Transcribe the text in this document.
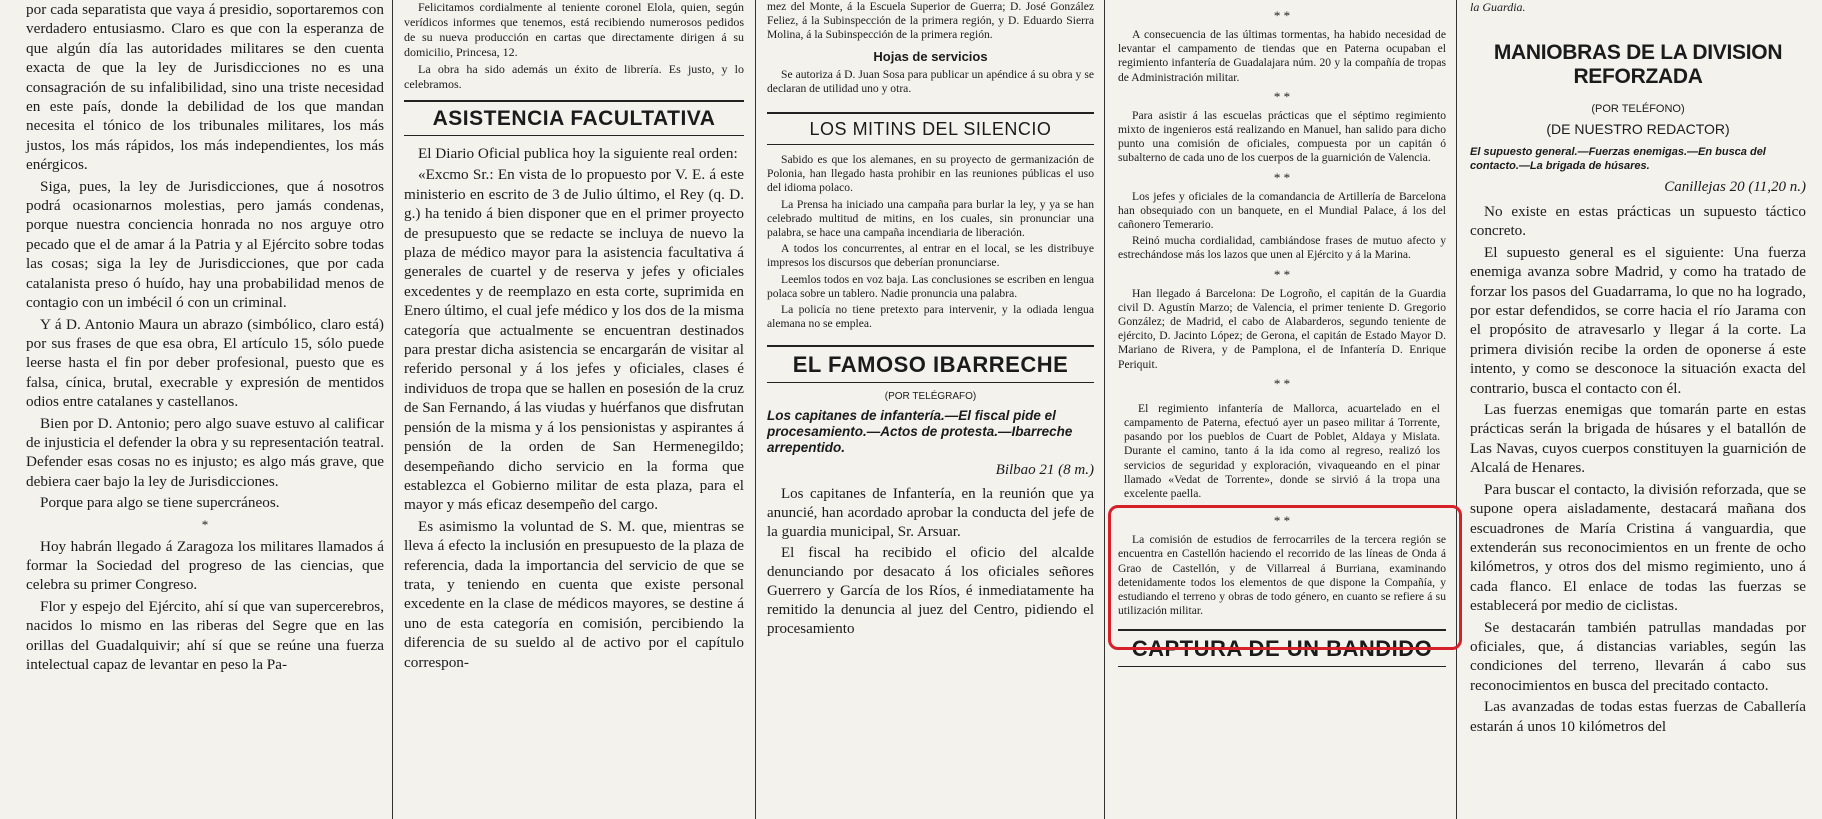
por cada separatista que vaya á presidio, soportaremos con verdadero entusiasmo. Claro es que con la esperanza de que algún día las autoridades militares se den cuenta exacta de que la ley de Jurisdicciones no es una consagración de su infalibilidad, sino una triste necesidad en este país, donde la debilidad de los que mandan necesita el tónico de los tribunales militares, los más justos, los más rápidos, los más independientes, los más enérgicos.

Siga, pues, la ley de Jurisdicciones, que á nosotros podrá ocasionarnos molestias, pero jamás condenas, porque nuestra conciencia honrada no nos arguye otro pecado que el de amar á la Patria y al Ejército sobre todas las cosas; siga la ley de Jurisdicciones, que por cada catalanista preso ó huído, hay una probabilidad menos de contagio con un imbécil ó con un criminal.

Y á D. Antonio Maura un abrazo (simbólico, claro está) por sus frases de que esa obra, El artículo 15, sólo puede leerse hasta el fin por deber profesional, puesto que es falsa, cínica, brutal, execrable y expresión de mentidos odios entre catalanes y castellanos.

Bien por D. Antonio; pero algo suave estuvo al calificar de injusticia el defender la obra y su representación teatral. Defender esas cosas no es injusto; es algo más grave, que debiera caer bajo la ley de Jurisdicciones.

Porque para algo se tiene supercráneos.

*

Hoy habrán llegado á Zaragoza los militares llamados á formar la Sociedad del progreso de las ciencias, que celebra su primer Congreso.

Flor y espejo del Ejército, ahí sí que van supercerebros, nacidos lo mismo en las riberas del Segre que en las orillas del Guadalquivir; ahí sí que se reúne una fuerza intelectual capaz de levantar en peso la Pa-

Felicitamos cordialmente al teniente coronel Elola, quien, según verídicos informes que tenemos, está recibiendo numerosos pedidos de su nueva producción en cartas que directamente dirigen á su domicilio, Princesa, 12.

La obra ha sido además un éxito de librería. Es justo, y lo celebramos.

ASISTENCIA FACULTATIVA

El Diario Oficial publica hoy la siguiente real orden:

«Excmo Sr.: En vista de lo propuesto por V. E. á este ministerio en escrito de 3 de Julio último, el Rey (q. D. g.) ha tenido á bien disponer que en el primer proyecto de presupuesto que se redacte se incluya de nuevo la plaza de médico mayor para la asistencia facultativa á generales de cuartel y de reserva y jefes y oficiales excedentes y de reemplazo en esta corte, suprimida en Enero último, el cual jefe médico y los dos de la misma categoría que actualmente se encuentran destinados para prestar dicha asistencia se encargarán de visitar al referido personal y á los jefes y oficiales, clases é individuos de tropa que se hallen en posesión de la cruz de San Fernando, á las viudas y huérfanos que disfrutan pensión de la misma y á los pensionistas y aspirantes á pensión de la orden de San Hermenegildo; desempeñando dicho servicio en la forma que establezca el Gobierno militar de esta plaza, para el mayor y más eficaz desempeño del cargo.

Es asimismo la voluntad de S. M. que, mientras se lleva á efecto la inclusión en presupuesto de la plaza de referencia, dada la importancia del servicio de que se trata, y teniendo en cuenta que existe personal excedente en la clase de médicos mayores, se destine á uno de esta categoría en comisión, percibiendo la diferencia de su sueldo al de activo por el capítulo correspon-

mez del Monte, á la Escuela Superior de Guerra; D. José González Feliez, á la Subinspección de la primera región, y D. Eduardo Sierra Molina, á la Subinspección de la primera región.

Hojas de servicios

Se autoriza á D. Juan Sosa para publicar un apéndice á su obra y se declaran de utilidad uno y otra.

LOS MITINS DEL SILENCIO

Sabido es que los alemanes, en su proyecto de germanización de Polonia, han llegado hasta prohibir en las reuniones públicas el uso del idioma polaco.

La Prensa ha iniciado una campaña para burlar la ley, y ya se han celebrado multitud de mitins, en los cuales, sin pronunciar una palabra, se hace una campaña incendiaria de liberación.

A todos los concurrentes, al entrar en el local, se les distribuye impresos los discursos que deberían pronunciarse.

Leemlos todos en voz baja. Las conclusiones se escriben en lengua polaca sobre un tablero. Nadie pronuncia una palabra.

La policía no tiene pretexto para intervenir, y la odiada lengua alemana no se emplea.

EL FAMOSO IBARRECHE
(POR TELÉGRAFO)
Los capitanes de infantería.—El fiscal pide el procesamiento.—Actos de protesta.—Ibarreche arrepentido.
Bilbao 21 (8 m.)

Los capitanes de Infantería, en la reunión que ya anuncié, han acordado aprobar la conducta del jefe de la guardia municipal, Sr. Arsuar.

El fiscal ha recibido el oficio del alcalde denunciando por desacato á los oficiales señores Guerrero y García de los Ríos, é inmediatamente ha remitido la denuncia al juez del Centro, pidiendo el procesamiento

* *

A consecuencia de las últimas tormentas, ha habido necesidad de levantar el campamento de tiendas que en Paterna ocupaban el regimiento infantería de Guadalajara núm. 20 y la compañía de tropas de Administración militar.

* *

Para asistir á las escuelas prácticas que el séptimo regimiento mixto de ingenieros está realizando en Manuel, han salido para dicho punto una comisión de oficiales, compuesta por un capitán ó subalterno de cada uno de los cuerpos de la guarnición de Valencia.

* *

Los jefes y oficiales de la comandancia de Artillería de Barcelona han obsequiado con un banquete, en el Mundial Palace, á los del cañonero Temerario.

Reinó mucha cordialidad, cambiándose frases de mutuo afecto y estrechándose más los lazos que unen al Ejército y á la Marina.

* *

Han llegado á Barcelona: De Logroño, el capitán de la Guardia civil D. Agustín Marzo; de Valencia, el primer teniente D. Gregorio González; de Madrid, el cabo de Alabarderos, segundo teniente de ejército, D. Jacinto López; de Gerona, el capitán de Estado Mayor D. Mariano de Rivera, y de Pamplona, el de Infantería D. Enrique Periquit.

* *

El regimiento infantería de Mallorca, acuartelado en el campamento de Paterna, efectuó ayer un paseo militar á Torrente, pasando por los pueblos de Cuart de Poblet, Aldaya y Mislata. Durante el camino, tanto á la ida como al regreso, realizó los servicios de seguridad y exploración, vivaqueando en el pinar llamado «Vedat de Torrente», donde se sirvió á la tropa una excelente paella.

* *

La comisión de estudios de ferrocarriles de la tercera región se encuentra en Castellón haciendo el recorrido de las líneas de Onda á Grao de Castellón, y de Villarreal á Burriana, examinando detenidamente todos los elementos de que dispone la Compañía, y estudiando el terreno y obras de todo género, en cuanto se refiere á su utilización militar.

CAPTURA DE UN BANDIDO
la Guardia.
MANIOBRAS DE LA DIVISION REFORZADA
(POR TELÉFONO)
(DE NUESTRO REDACTOR)
El supuesto general.—Fuerzas enemigas.—En busca del contacto.—La brigada de húsares.
Canillejas 20 (11,20 n.)

No existe en estas prácticas un supuesto táctico concreto.

El supuesto general es el siguiente: Una fuerza enemiga avanza sobre Madrid, y como ha tratado de forzar los pasos del Guadarrama, lo que no ha logrado, por estar defendidos, se corre hacia el río Jarama con el propósito de atravesarlo y llegar á la corte. La primera división recibe la orden de oponerse á este intento, y como se desconoce la situación exacta del contrario, busca el contacto con él.

Las fuerzas enemigas que tomarán parte en estas prácticas serán la brigada de húsares y el batallón de Las Navas, cuyos cuerpos constituyen la guarnición de Alcalá de Henares.

Para buscar el contacto, la división reforzada, que se supone opera aisladamente, destacará mañana dos escuadrones de María Cristina á vanguardia, que extenderán sus reconocimientos en un frente de ocho kilómetros, y otros dos del mismo regimiento, uno á cada flanco. El enlace de todas las fuerzas se establecerá por medio de ciclistas.

Se destacarán también patrullas mandadas por oficiales, que, á distancias variables, según las condiciones del terreno, llevarán á cabo sus reconocimientos en busca del precitado contacto.

Las avanzadas de todas estas fuerzas de Caballería estarán á unos 10 kilómetros del
